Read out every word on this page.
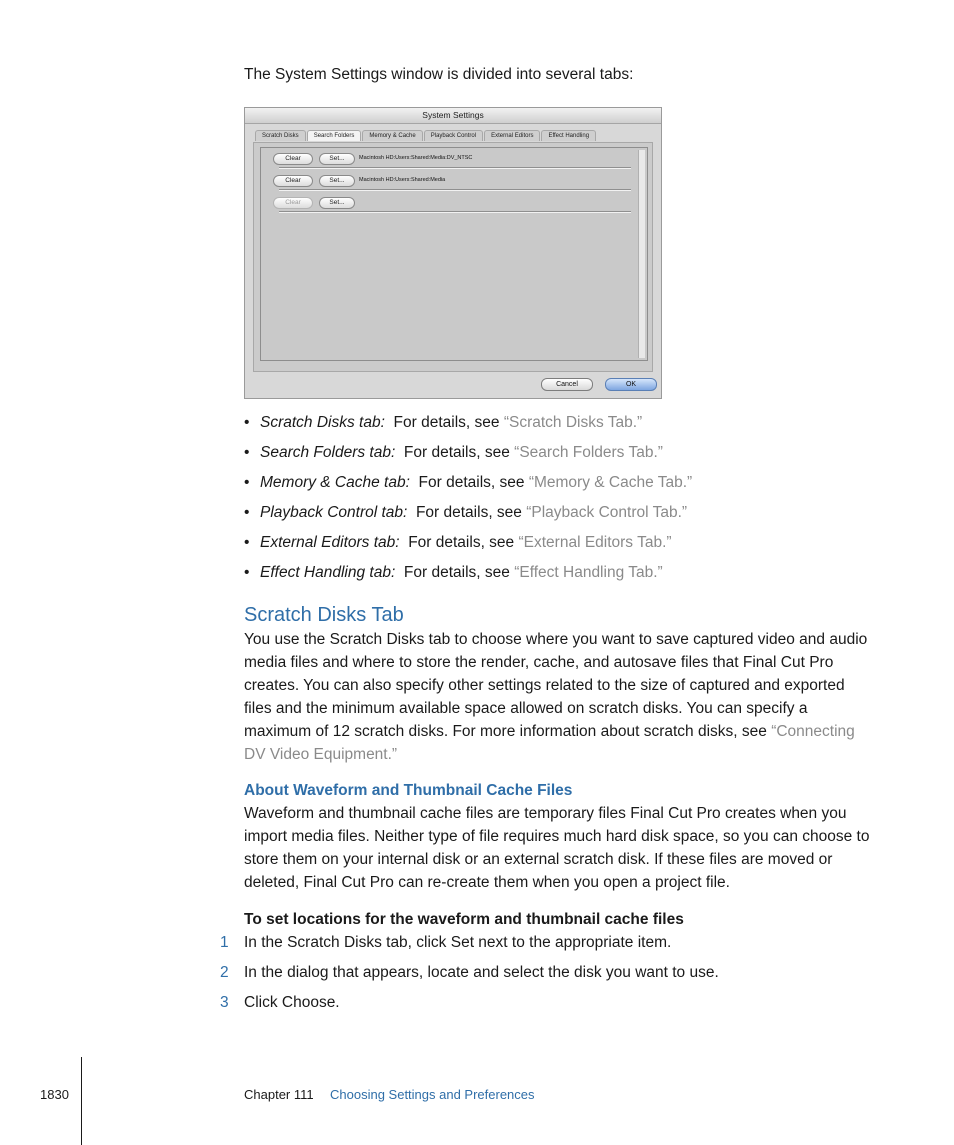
The System Settings window is divided into several tabs:

System Settings
Scratch Disks	Search Folders	Memory & Cache	Playback Control	External Editors	Effect Handling
Clear	Set...	Macintosh HD:Users:Shared:Media:DV_NTSC
Clear	Set...	Macintosh HD:Users:Shared:Media
Clear	Set...
Cancel	OK
• Scratch Disks tab: For details, see “Scratch Disks Tab.”
• Search Folders tab: For details, see “Search Folders Tab.”
• Memory & Cache tab: For details, see “Memory & Cache Tab.”
• Playback Control tab: For details, see “Playback Control Tab.”
• External Editors tab: For details, see “External Editors Tab.”
• Effect Handling tab: For details, see “Effect Handling Tab.”
Scratch Disks Tab

You use the Scratch Disks tab to choose where you want to save captured video and audio media files and where to store the render, cache, and autosave files that Final Cut Pro creates. You can also specify other settings related to the size of captured and exported files and the minimum available space allowed on scratch disks. You can specify a maximum of 12 scratch disks. For more information about scratch disks, see “Connecting DV Video Equipment.”

About Waveform and Thumbnail Cache Files

Waveform and thumbnail cache files are temporary files Final Cut Pro creates when you import media files. Neither type of file requires much hard disk space, so you can choose to store them on your internal disk or an external scratch disk. If these files are moved or deleted, Final Cut Pro can re-create them when you open a project file.

To set locations for the waveform and thumbnail cache files

1 In the Scratch Disks tab, click Set next to the appropriate item.
2 In the dialog that appears, locate and select the disk you want to use.
3 Click Choose.
1830	Chapter 111 Choosing Settings and Preferences
